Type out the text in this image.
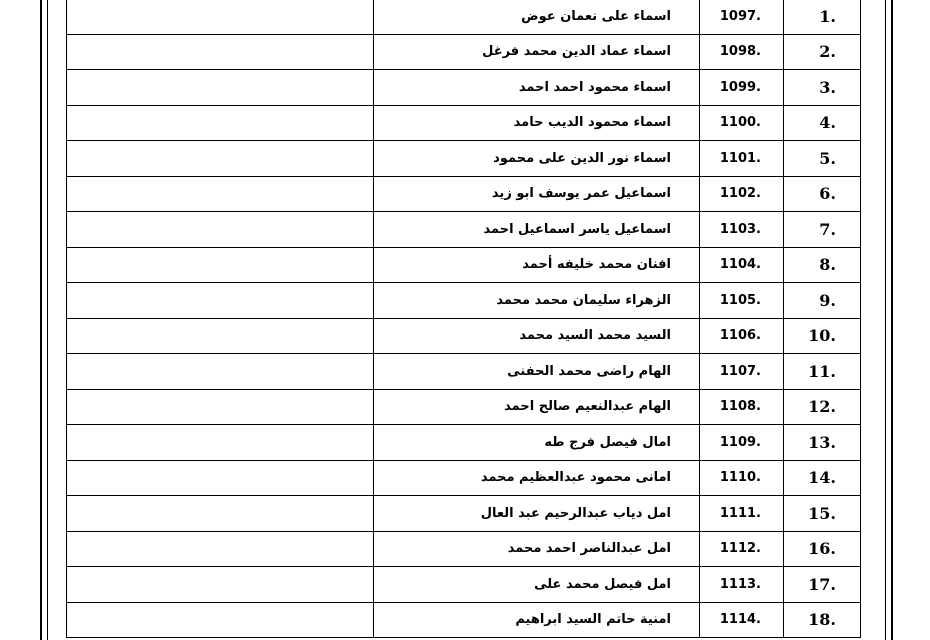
	اسماء على نعمان عوض	1097.	1.
	اسماء عماد الدين محمد فرغل	1098.	2.
	اسماء محمود احمد احمد	1099.	3.
	اسماء محمود الديب حامد	1100.	4.
	اسماء نور الدين على محمود	1101.	5.
	اسماعيل عمر يوسف ابو زيد	1102.	6.
	اسماعيل ياسر اسماعيل احمد	1103.	7.
	افنان محمد خليفه أحمد	1104.	8.
	الزهراء سليمان محمد محمد	1105.	9.
	السيد محمد السيد محمد	1106.	10.
	الهام راضى محمد الحفنى	1107.	11.
	الهام عبدالنعيم صالح احمد	1108.	12.
	امال فيصل فرج طه	1109.	13.
	امانى محمود عبدالعظيم محمد	1110.	14.
	امل دياب عبدالرحيم عبد العال	1111.	15.
	امل عبدالناصر احمد محمد	1112.	16.
	امل فيصل محمد على	1113.	17.
	امنية حاتم السيد ابراهيم	1114.	18.
